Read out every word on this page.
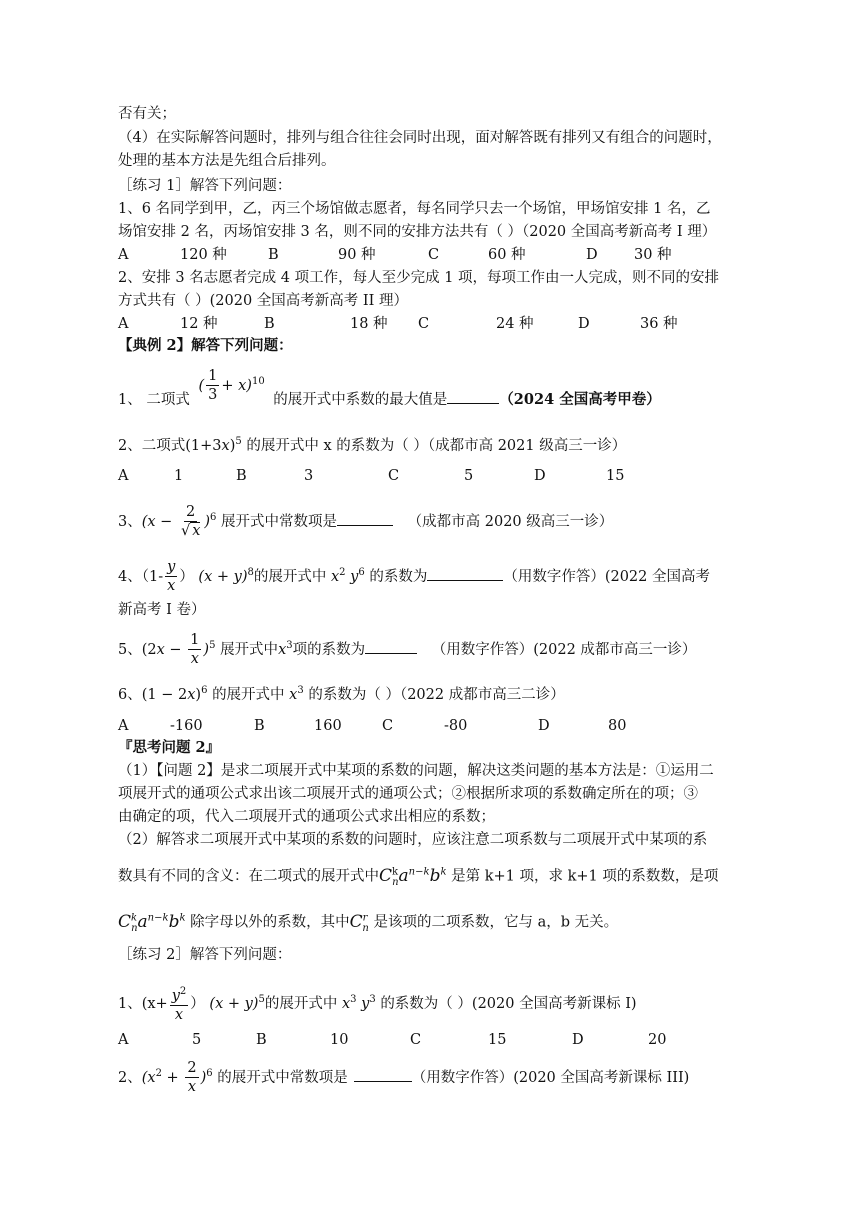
否有关；
（4）在实际解答问题时，排列与组合往往会同时出现，面对解答既有排列又有组合的问题时，
处理的基本方法是先组合后排列。
［练习 1］解答下列问题：
1、6 名同学到甲，乙，丙三个场馆做志愿者，每名同学只去一个场馆，甲场馆安排 1 名，乙
场馆安排 2 名，丙场馆安排 3 名，则不同的安排方法共有（ ）（2020 全国高考新高考 I 理）
A	120 种	B	90 种	C	60 种	D	30 种
2、安排 3 名志愿者完成 4 项工作，每人至少完成 1 项，每项工作由一人完成，则不同的安排
方式共有（ ）(2020 全国高考新高考 II 理）
A	12 种	B	18 种 C	24 种	D	36 种
【典例 2】解答下列问题：
1、 二项式 ( $\frac{1}{3} + x)^{10}$ 的展开式中系数的最大值是	（2024 全国高考甲卷）
2、二项式$(1+3x)^5$ 的展开式中 x 的系数为（ ）（成都市高 2021 级高三一诊）
A	1	B	3	C	5	D	15
3、$(x - \frac{2}{√ x} )^6$ 展开式中常数项是	（成都市高 2020 级高三一诊）
4、（$1- \frac{y}{x}$ ） $(x + y)^8$的展开式中 $x^2$ $y^6$ 的系数为	（用数字作答）(2022 全国高考
新高考 I 卷）
5、$(2x - \frac{1}{x} )^5$ 展开式中$x^3$项的系数为	（用数字作答）(2022 成都市高三一诊）
6、$(1 - 2x)^6$ 的展开式中 $x^3$ 的系数为（ ）（2022 成都市高三二诊）
A	-160	B	160	C	-80	D	80
『思考问题 2』
（1）【问题 2】是求二项展开式中某项的系数的问题，解决这类问题的基本方法是：①运用二
项展开式的通项公式求出该二项展开式的通项公式；②根据所求项的系数确定所在的项；③
由确定的项，代入二项展开式的通项公式求出相应的系数；
（2）解答求二项展开式中某项的系数的问题时，应该注意二项系数与二项展开式中某项的系
数具有不同的含义：在二项式的展开式中$C^k_na^{n-k}b^k$ 是第 k+1 项，求 k+1 项的系数数，是项
$C^k_na^{n-k}b^k$ 除字母以外的系数，其中$C^r_n$ 是该项的二项系数，它与 a，b 无关。
［练习 2］解答下列问题：
1、($x+ \frac{y^2}{x}$ ） $(x + y)^5$的展开式中 $x^3$ $y^3$ 的系数为（ ）(2020 全国高考新课标 I)
A	5	B	10	C	15	D	20
2、$(x^2 + \frac{2}{x} )^6$ 的展开式中常数项是	（用数字作答）(2020 全国高考新课标 III)
